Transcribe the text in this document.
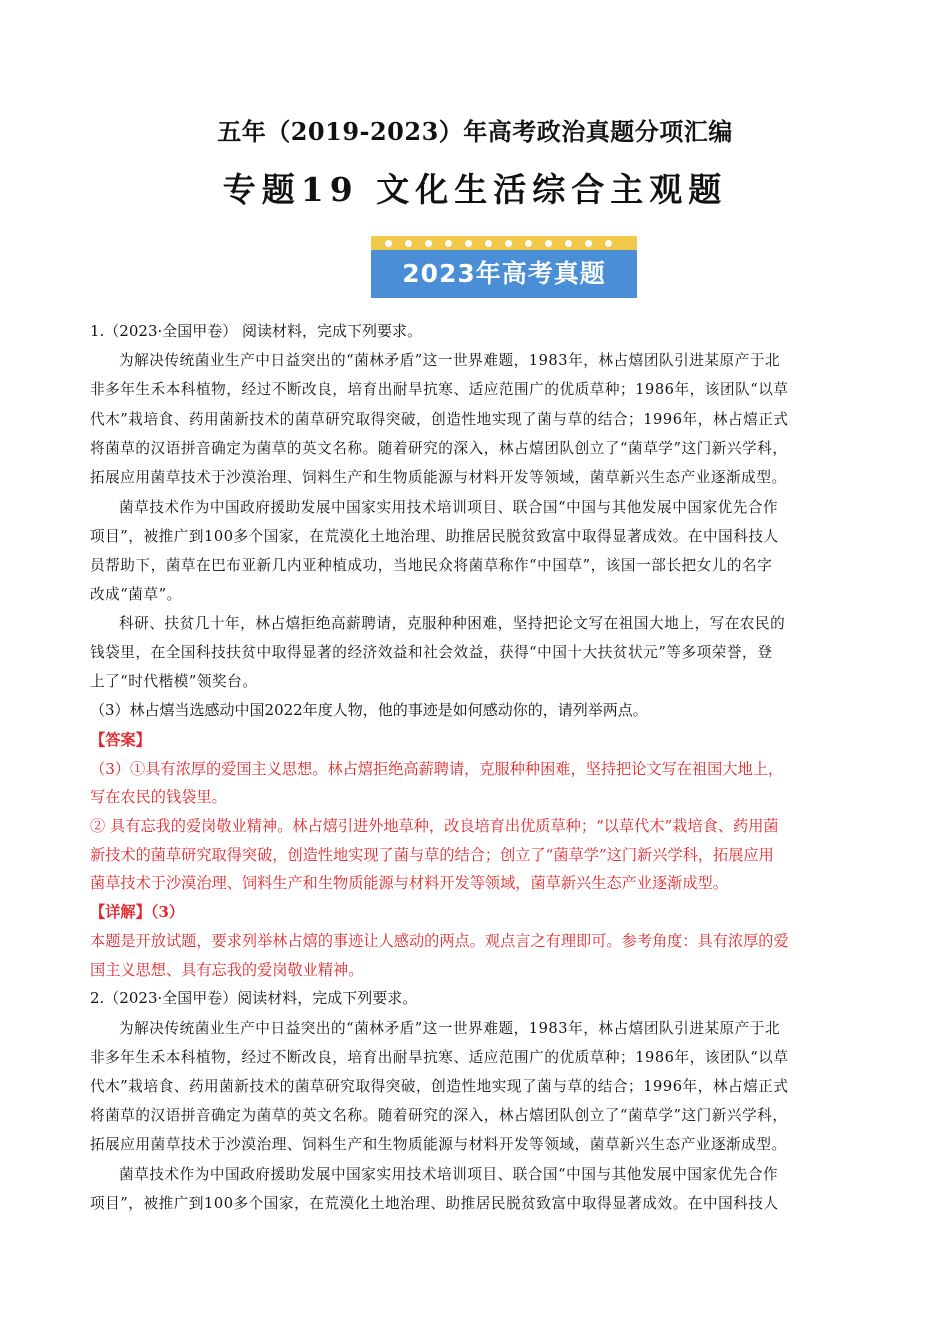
五年（2019-2023）年高考政治真题分项汇编
专题19 文化生活综合主观题
2023年高考真题
1.（2023·全国甲卷） 阅读材料，完成下列要求。
为解决传统菌业生产中日益突出的“菌林矛盾”这一世界难题，1983年，林占熺团队引进某原产于北
非多年生禾本科植物，经过不断改良，培育出耐旱抗寒、适应范围广的优质草种；1986年，该团队“以草
代木”栽培食、药用菌新技术的菌草研究取得突破，创造性地实现了菌与草的结合；1996年，林占熺正式
将菌草的汉语拼音确定为菌草的英文名称。随着研究的深入，林占熺团队创立了“菌草学”这门新兴学科，
拓展应用菌草技术于沙漠治理、饲料生产和生物质能源与材料开发等领域，菌草新兴生态产业逐渐成型。
菌草技术作为中国政府援助发展中国家实用技术培训项目、联合国“中国与其他发展中国家优先合作
项目”，被推广到100多个国家，在荒漠化土地治理、助推居民脱贫致富中取得显著成效。在中国科技人
员帮助下，菌草在巴布亚新几内亚种植成功，当地民众将菌草称作“中国草”，该国一部长把女儿的名字
改成“菌草”。
科研、扶贫几十年，林占熺拒绝高薪聘请，克服种种困难，坚持把论文写在祖国大地上，写在农民的
钱袋里，在全国科技扶贫中取得显著的经济效益和社会效益，获得“中国十大扶贫状元”等多项荣誉，登
上了“时代楷模”领奖台。
（3）林占熺当选感动中国2022年度人物，他的事迹是如何感动你的，请列举两点。
【答案】
（3）①具有浓厚的爱国主义思想。林占熺拒绝高薪聘请，克服种种困难，坚持把论文写在祖国大地上，
写在农民的钱袋里。
② 具有忘我的爱岗敬业精神。林占熺引进外地草种，改良培育出优质草种；“以草代木”栽培食、药用菌
新技术的菌草研究取得突破，创造性地实现了菌与草的结合；创立了“菌草学”这门新兴学科，拓展应用
菌草技术于沙漠治理、饲料生产和生物质能源与材料开发等领域，菌草新兴生态产业逐渐成型。
【详解】（3）
本题是开放试题，要求列举林占熺的事迹让人感动的两点。观点言之有理即可。参考角度：具有浓厚的爱
国主义思想、具有忘我的爱岗敬业精神。
2.（2023·全国甲卷）阅读材料，完成下列要求。
为解决传统菌业生产中日益突出的“菌林矛盾”这一世界难题，1983年，林占熺团队引进某原产于北
非多年生禾本科植物，经过不断改良，培育出耐旱抗寒、适应范围广的优质草种；1986年，该团队“以草
代木”栽培食、药用菌新技术的菌草研究取得突破，创造性地实现了菌与草的结合；1996年，林占熺正式
将菌草的汉语拼音确定为菌草的英文名称。随着研究的深入，林占熺团队创立了“菌草学”这门新兴学科，
拓展应用菌草技术于沙漠治理、饲料生产和生物质能源与材料开发等领域，菌草新兴生态产业逐渐成型。
菌草技术作为中国政府援助发展中国家实用技术培训项目、联合国“中国与其他发展中国家优先合作
项目”，被推广到100多个国家，在荒漠化土地治理、助推居民脱贫致富中取得显著成效。在中国科技人
